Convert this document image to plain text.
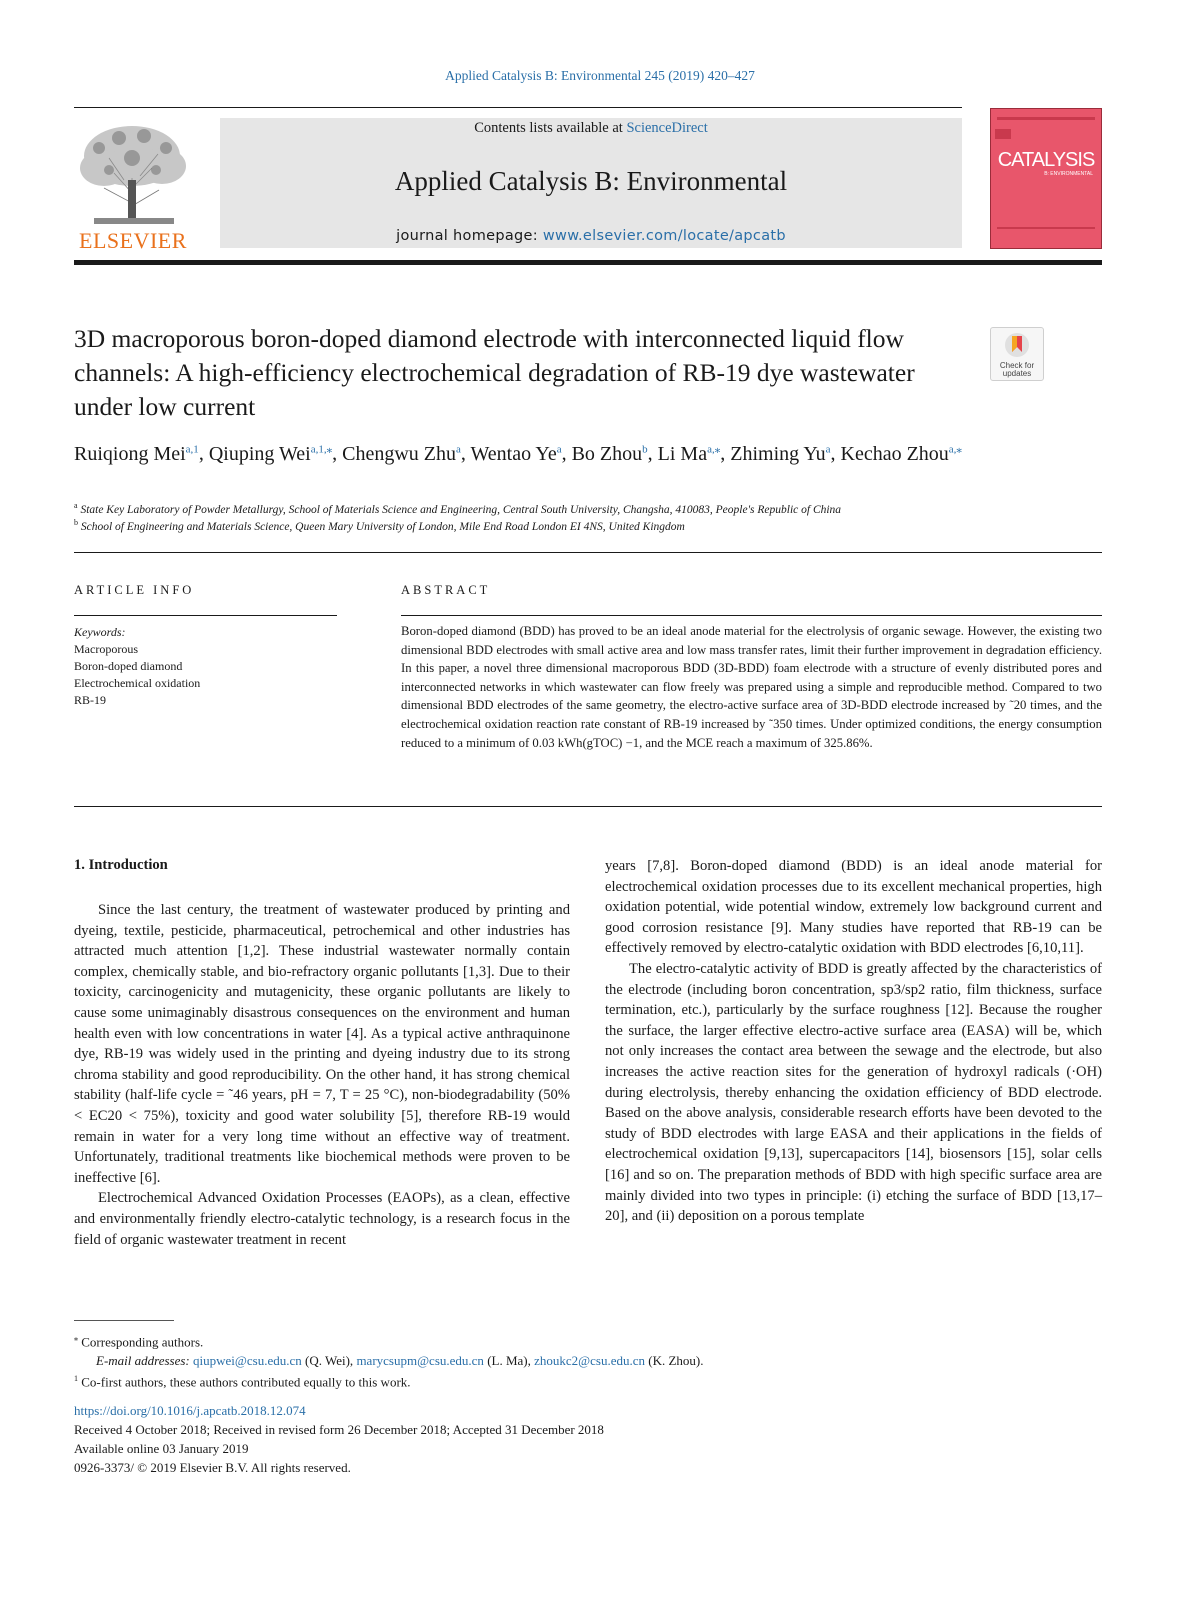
Applied Catalysis B: Environmental 245 (2019) 420–427
ELSEVIER
Contents lists available at ScienceDirect
Applied Catalysis B: Environmental
journal homepage: www.elsevier.com/locate/apcatb
CATALYSIS
B: ENVIRONMENTAL
3D macroporous boron-doped diamond electrode with interconnected liquid flow channels: A high-efficiency electrochemical degradation of RB-19 dye wastewater under low current
Check for updates
Ruiqiong Mei$^{a,1}$, Qiuping Wei$^{a,1,⁎}$, Chengwu Zhu$^a$, Wentao Ye$^a$, Bo Zhou$^b$, Li $Ma^{a,⁎}$, Zhiming Yu$^a$, Kechao Zhou$^{a,⁎}$
$^a$ State Key Laboratory of Powder Metallurgy, School of Materials Science and Engineering, Central South University, Changsha, 410083, People's Republic of China
$^b$ School of Engineering and Materials Science, Queen Mary University of London, Mile End Road London EI 4NS, United Kingdom
ARTICLE INFO
Keywords:
Macroporous
Boron-doped diamond
Electrochemical oxidation
RB-19
ABSTRACT
Boron-doped diamond (BDD) has proved to be an ideal anode material for the electrolysis of organic sewage. However, the existing two dimensional BDD electrodes with small active area and low mass transfer rates, limit their further improvement in degradation efficiency. In this paper, a novel three dimensional macroporous BDD (3D-BDD) foam electrode with a structure of evenly distributed pores and interconnected networks in which wastewater can flow freely was prepared using a simple and reproducible method. Compared to two dimensional BDD electrodes of the same geometry, the electro-active surface area of 3D-BDD electrode increased by ˜20 times, and the electrochemical oxidation reaction rate constant of RB-19 increased by ˜350 times. Under optimized conditions, the energy consumption reduced to a minimum of 0.03 kWh(gTOC) −1, and the MCE reach a maximum of 325.86%.
1. Introduction

Since the last century, the treatment of wastewater produced by printing and dyeing, textile, pesticide, pharmaceutical, petrochemical and other industries has attracted much attention [1,2]. These industrial wastewater normally contain complex, chemically stable, and bio-refractory organic pollutants [1,3]. Due to their toxicity, carcinogenicity and mutagenicity, these organic pollutants are likely to cause some unimaginably disastrous consequences on the environment and human health even with low concentrations in water [4]. As a typical active anthraquinone dye, RB-19 was widely used in the printing and dyeing industry due to its strong chroma stability and good reproducibility. On the other hand, it has strong chemical stability (half-life cycle = ˜46 years, pH = 7, T = 25 °C), non-biodegradability (50% < EC20 < 75%), toxicity and good water solubility [5], therefore RB-19 would remain in water for a very long time without an effective way of treatment. Unfortunately, traditional treatments like biochemical methods were proven to be ineffective [6].

Electrochemical Advanced Oxidation Processes (EAOPs), as a clean, effective and environmentally friendly electro-catalytic technology, is a research focus in the field of organic wastewater treatment in recent

years [7,8]. Boron-doped diamond (BDD) is an ideal anode material for electrochemical oxidation processes due to its excellent mechanical properties, high oxidation potential, wide potential window, extremely low background current and good corrosion resistance [9]. Many studies have reported that RB-19 can be effectively removed by electro-catalytic oxidation with BDD electrodes [6,10,11].

The electro-catalytic activity of BDD is greatly affected by the characteristics of the electrode (including boron concentration, sp3/sp2 ratio, film thickness, surface termination, etc.), particularly by the surface roughness [12]. Because the rougher the surface, the larger effective electro-active surface area (EASA) will be, which not only increases the contact area between the sewage and the electrode, but also increases the active reaction sites for the generation of hydroxyl radicals (·OH) during electrolysis, thereby enhancing the oxidation efficiency of BDD electrode. Based on the above analysis, considerable research efforts have been devoted to the study of BDD electrodes with large EASA and their applications in the fields of electrochemical oxidation [9,13], supercapacitors [14], biosensors [15], solar cells [16] and so on. The preparation methods of BDD with high specific surface area are mainly divided into two types in principle: (i) etching the surface of BDD [13,17–20], and (ii) deposition on a porous template

⁎ Corresponding authors.
E-mail addresses: qiupwei@csu.edu.cn (Q. Wei), marycsupm@csu.edu.cn (L. Ma), zhoukc2@csu.edu.cn (K. Zhou).
$^1$ Co-first authors, these authors contributed equally to this work.
https://doi.org/10.1016/j.apcatb.2018.12.074
Received 4 October 2018; Received in revised form 26 December 2018; Accepted 31 December 2018
Available online 03 January 2019
0926-3373/ © 2019 Elsevier B.V. All rights reserved.
